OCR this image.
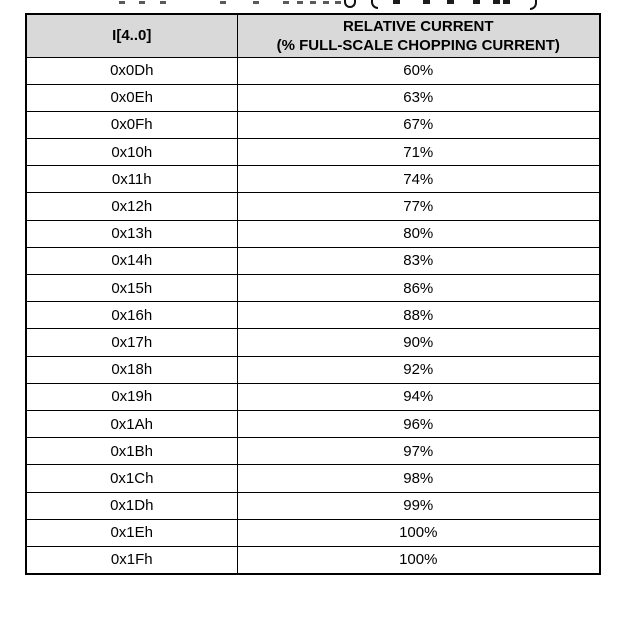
I[4..0]	RELATIVE CURRENT
(% FULL-SCALE CHOPPING CURRENT)

0x0Dh	60%
0x0Eh	63%
0x0Fh	67%
0x10h	71%
0x11h	74%
0x12h	77%
0x13h	80%
0x14h	83%
0x15h	86%
0x16h	88%
0x17h	90%
0x18h	92%
0x19h	94%
0x1Ah	96%
0x1Bh	97%
0x1Ch	98%
0x1Dh	99%
0x1Eh	100%
0x1Fh	100%
